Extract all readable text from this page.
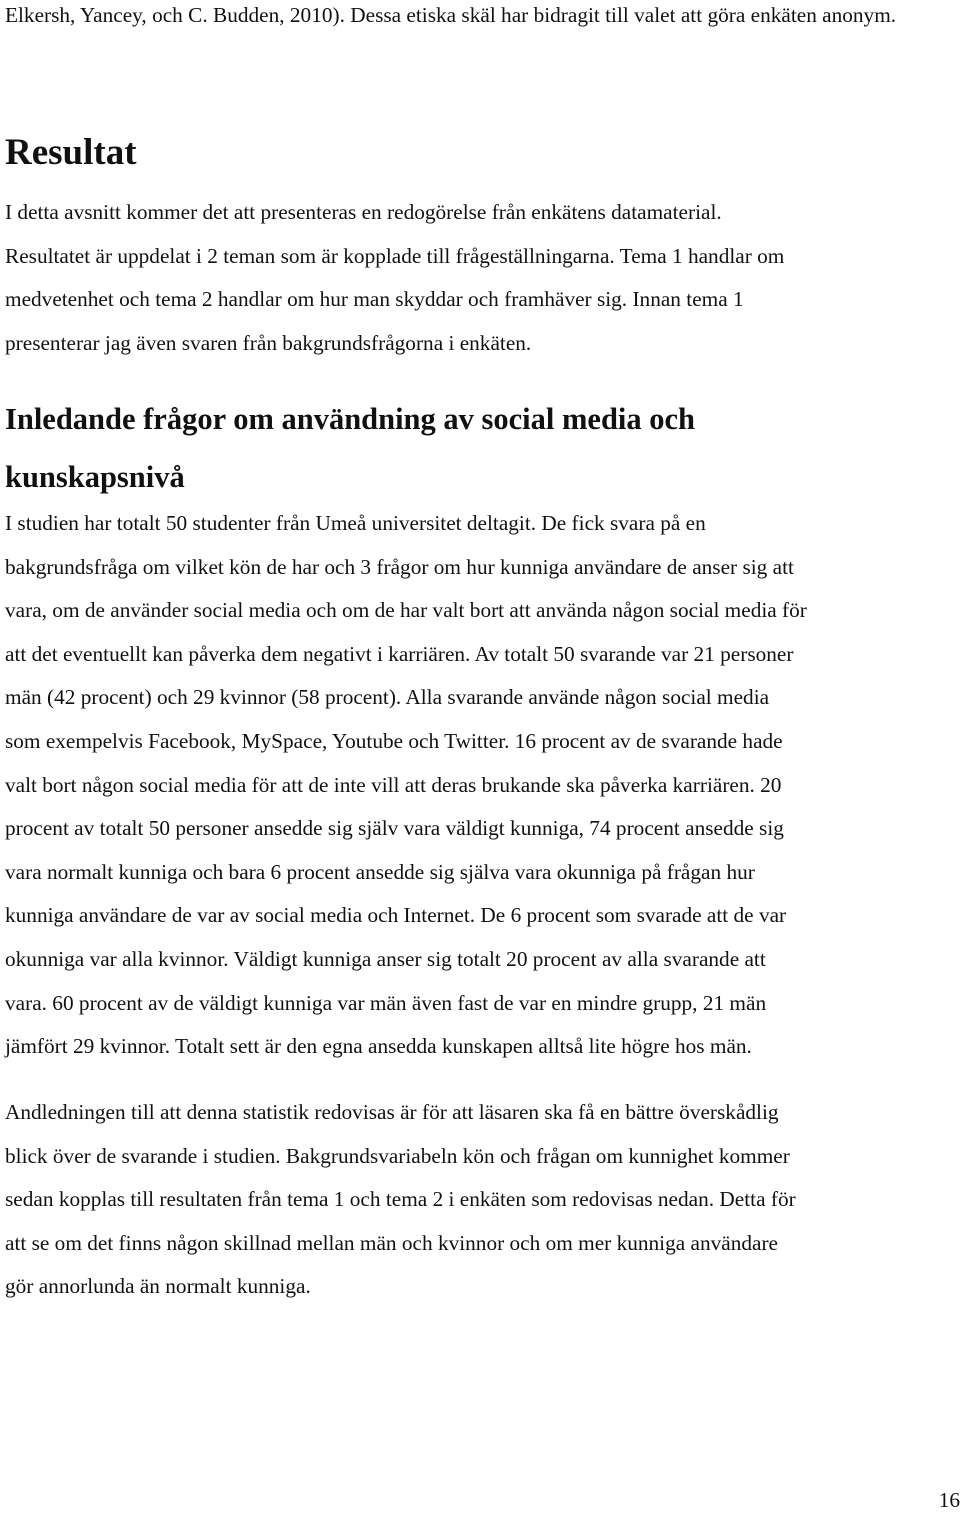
Elkersh, Yancey, och C. Budden, 2010). Dessa etiska skäl har bidragit till valet att göra enkäten anonym.

Resultat

I detta avsnitt kommer det att presenteras en redogörelse från enkätens datamaterial.
Resultatet är uppdelat i 2 teman som är kopplade till frågeställningarna. Tema 1 handlar om
medvetenhet och tema 2 handlar om hur man skyddar och framhäver sig. Innan tema 1
presenterar jag även svaren från bakgrundsfrågorna i enkäten.

Inledande frågor om användning av social media och
kunskapsnivå

I studien har totalt 50 studenter från Umeå universitet deltagit. De fick svara på en
bakgrundsfråga om vilket kön de har och 3 frågor om hur kunniga användare de anser sig att
vara, om de använder social media och om de har valt bort att använda någon social media för
att det eventuellt kan påverka dem negativt i karriären. Av totalt 50 svarande var 21 personer
män (42 procent) och 29 kvinnor (58 procent). Alla svarande använde någon social media
som exempelvis Facebook, MySpace, Youtube och Twitter. 16 procent av de svarande hade
valt bort någon social media för att de inte vill att deras brukande ska påverka karriären. 20
procent av totalt 50 personer ansedde sig själv vara väldigt kunniga, 74 procent ansedde sig
vara normalt kunniga och bara 6 procent ansedde sig själva vara okunniga på frågan hur
kunniga användare de var av social media och Internet. De 6 procent som svarade att de var
okunniga var alla kvinnor. Väldigt kunniga anser sig totalt 20 procent av alla svarande att
vara. 60 procent av de väldigt kunniga var män även fast de var en mindre grupp, 21 män
jämfört 29 kvinnor. Totalt sett är den egna ansedda kunskapen alltså lite högre hos män.

Andledningen till att denna statistik redovisas är för att läsaren ska få en bättre överskådlig
blick över de svarande i studien. Bakgrundsvariabeln kön och frågan om kunnighet kommer
sedan kopplas till resultaten från tema 1 och tema 2 i enkäten som redovisas nedan. Detta för
att se om det finns någon skillnad mellan män och kvinnor och om mer kunniga användare
gör annorlunda än normalt kunniga.

16
